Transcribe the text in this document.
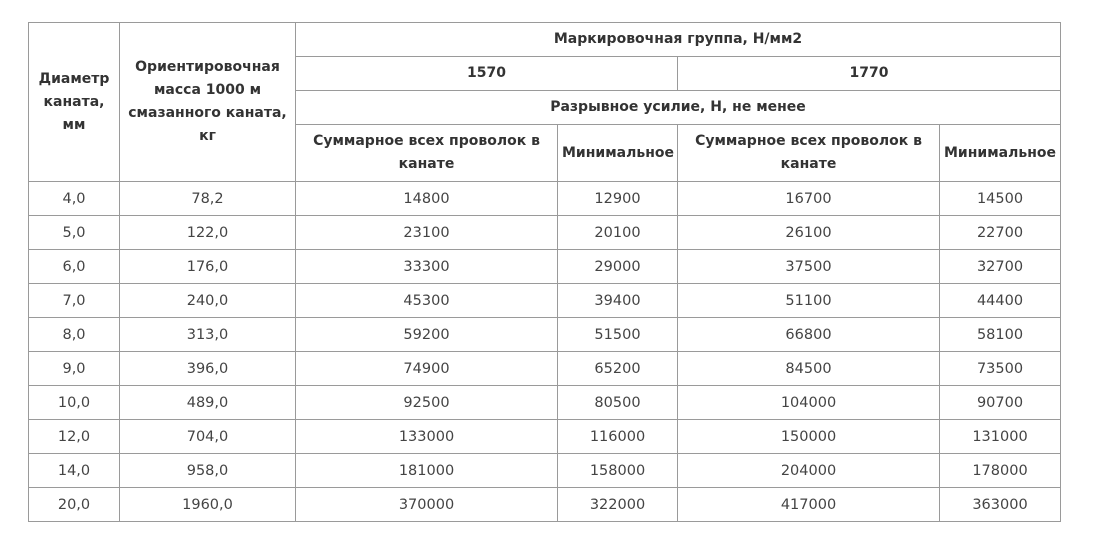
Диаметр каната, мм	Ориентировочная масса 1000 м смазанного каната, кг	Маркировочная группа, Н/мм2			
		1570		1770	
		Разрывное усилие, Н, не менее			
		Суммарное всех проволок в канате	Минимальное	Суммарное всех проволок в канате	Минимальное
4,0	78,2	14800	12900	16700	14500
5,0	122,0	23100	20100	26100	22700
6,0	176,0	33300	29000	37500	32700
7,0	240,0	45300	39400	51100	44400
8,0	313,0	59200	51500	66800	58100
9,0	396,0	74900	65200	84500	73500
10,0	489,0	92500	80500	104000	90700
12,0	704,0	133000	116000	150000	131000
14,0	958,0	181000	158000	204000	178000
20,0	1960,0	370000	322000	417000	363000
